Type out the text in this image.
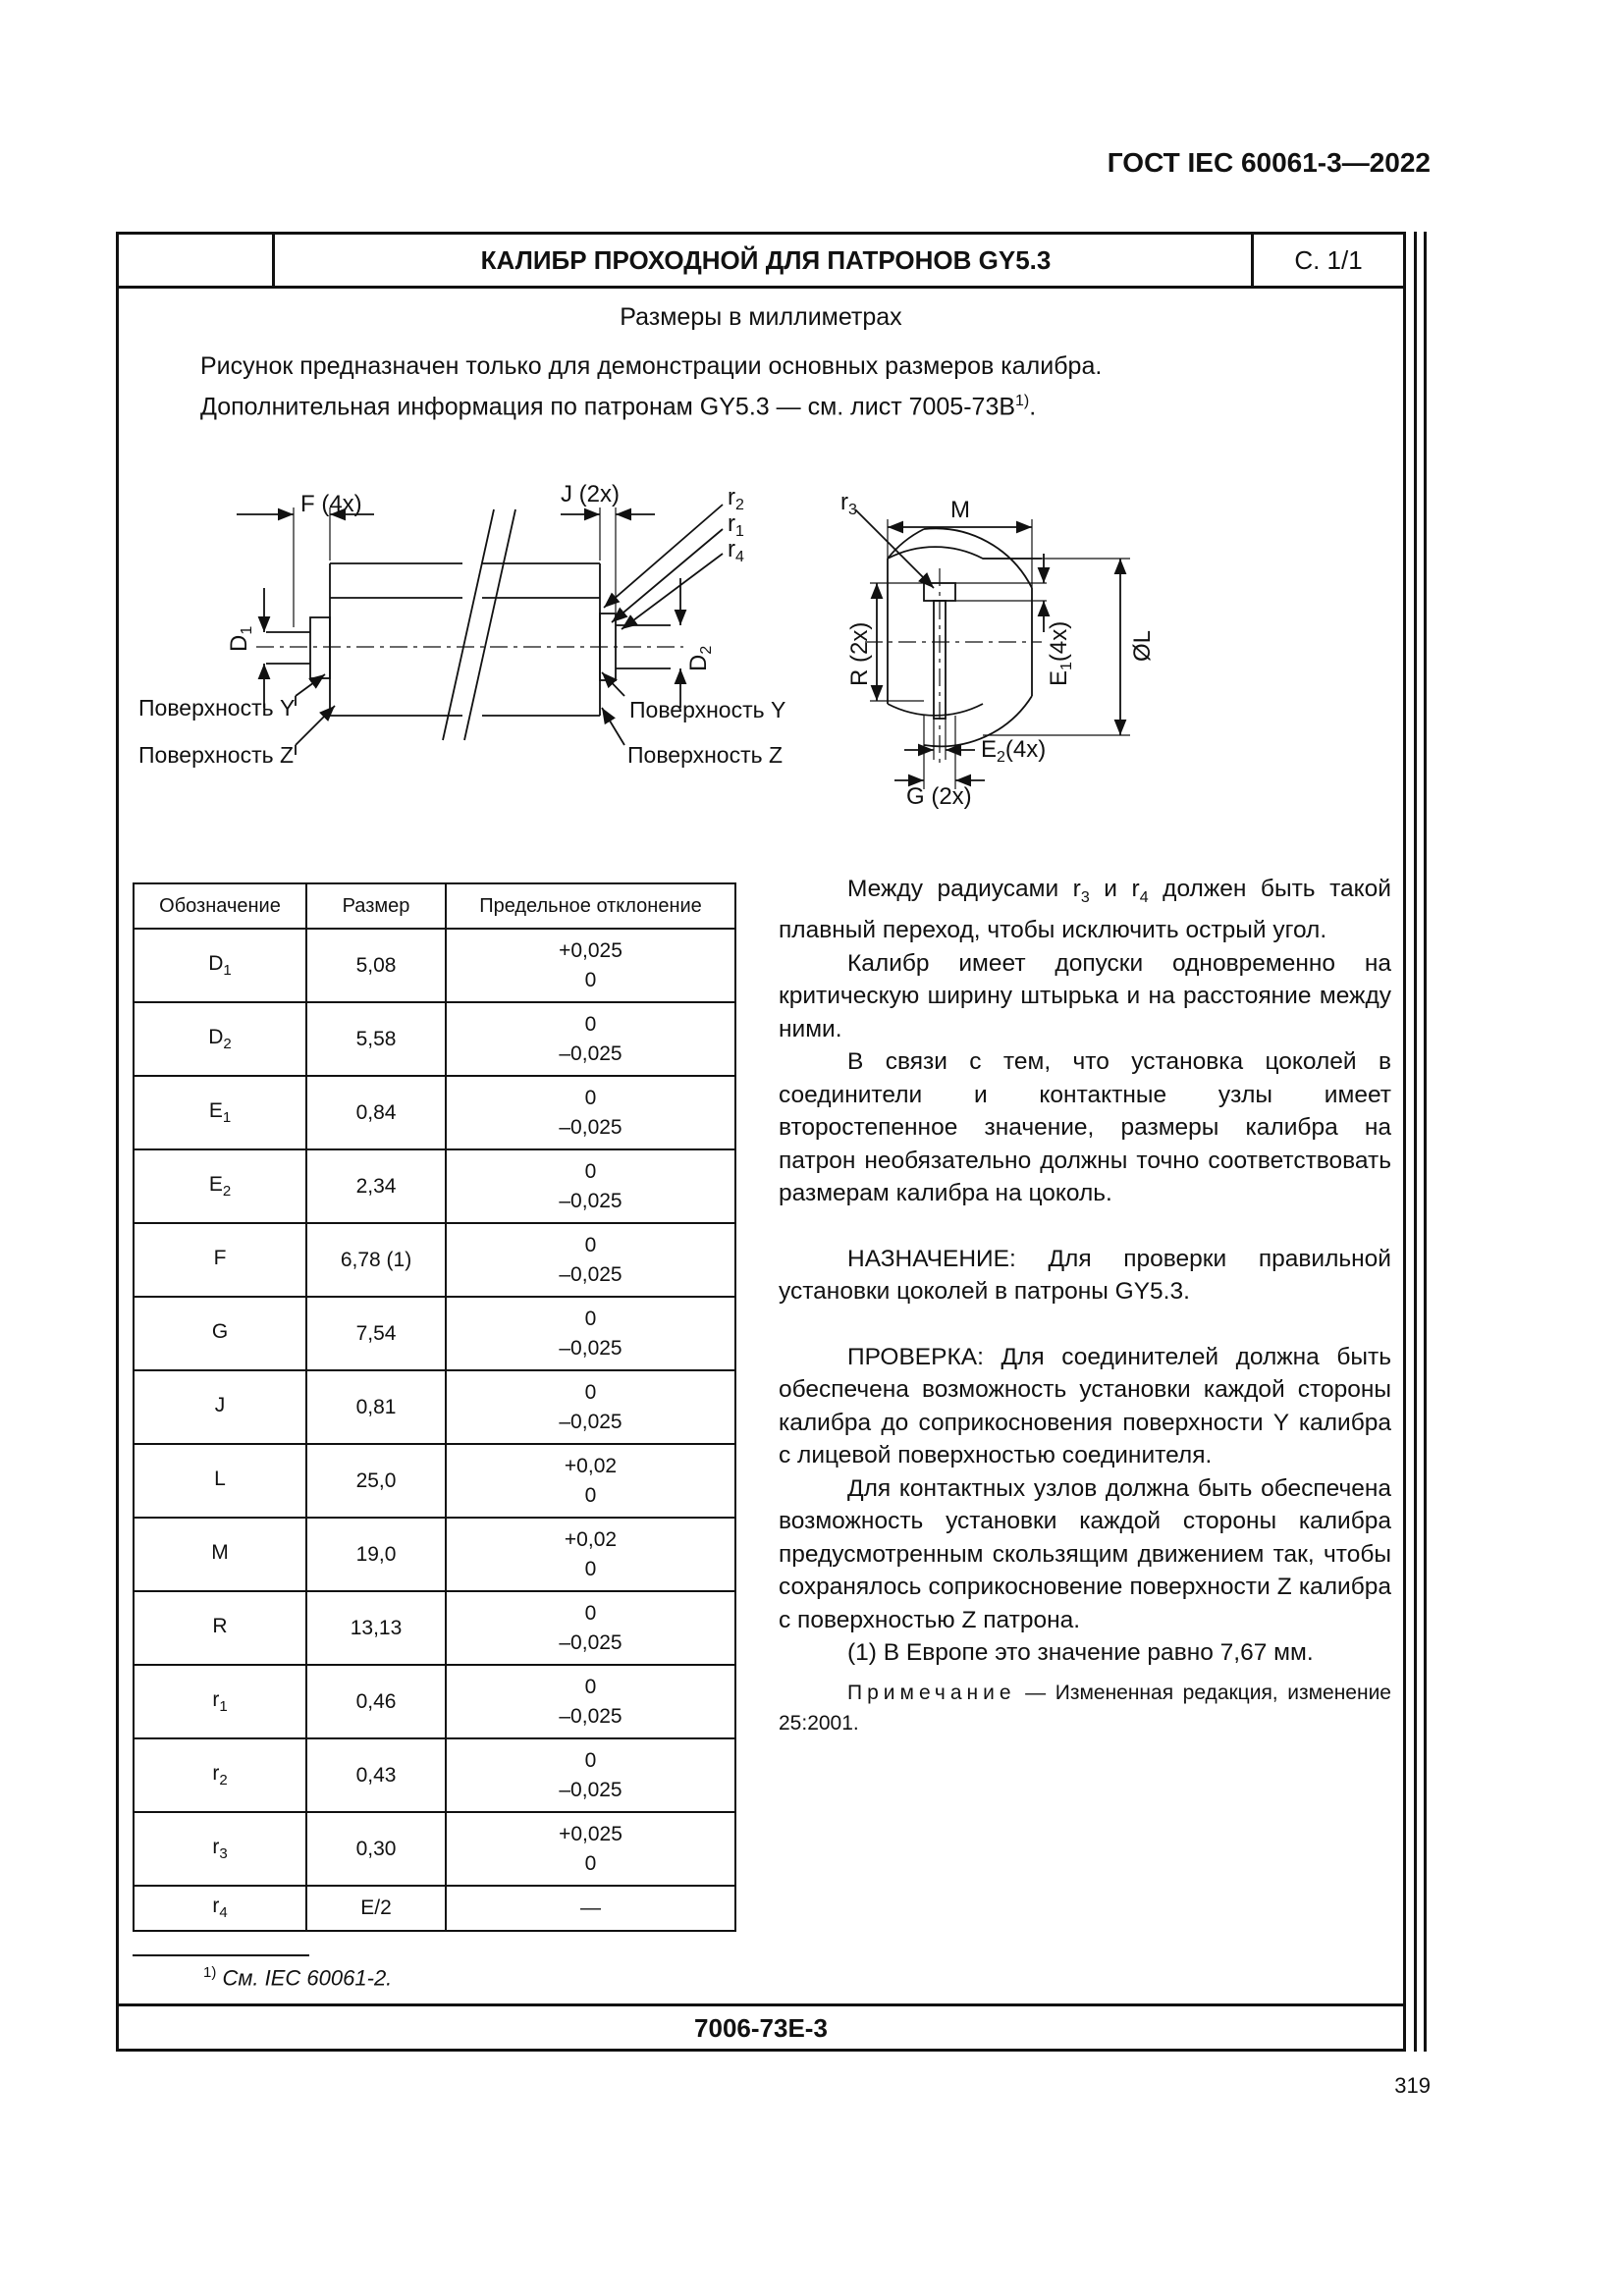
ГОСТ IEC 60061-3—2022
КАЛИБР ПРОХОДНОЙ ДЛЯ ПАТРОНОВ GY5.3	С. 1/1
Размеры в миллиметрах
Рисунок предназначен только для демонстрации основных размеров калибра.
Дополнительная информация по патронам GY5.3 — см. лист $7005-73В^{1)}$.
F (4x)	J (2x)	$r_2$
$r_1$
$r_4$
$D_1$
$D_2$
Поверхность Y
Поверхность Z
Поверхность Y
Поверхность Z
M
$r_3$
R (2x)	$E_1(4x)$ ØL
$E_2(4x)$
G (2x)
Обозначение	Размер	Предельное отклонение
$D_1$	5,08	+0,025
0

$D_2$	5,58	0
–0,025

$E_1$	0,84	0
–0,025

$E_2$	2,34	0
–0,025

F	6,78 (1)	0
–0,025

G	7,54	0
–0,025

J	0,81	0
–0,025

L	25,0	+0,02
0

M	19,0	+0,02
0

R	13,13	0
–0,025

$r_1$	0,46	0
–0,025

$r_2$	0,43	0
–0,025

$r_3$	0,30	+0,025
0

$r_4$	E/2	—

Между радиусами $r_3$ и $r_4$ должен быть такой плавный переход, чтобы исключить острый угол.

Калибр имеет допуски одновременно на критическую ширину штырька и на расстояние между ними.

В связи с тем, что установка цоколей в соединители и контактные узлы имеет второстепенное значение, размеры калибра на патрон необязательно должны точно соответствовать размерам калибра на цоколь.

НАЗНАЧЕНИЕ: Для проверки правильной установки цоколей в патроны GY5.3.

ПРОВЕРКА: Для соединителей должна быть обеспечена возможность установки каждой стороны калибра до соприкосновения поверхности Y калибра с лицевой поверхностью соединителя.

Для контактных узлов должна быть обеспечена возможность установки каждой стороны калибра предусмотренным скользящим движением так, чтобы сохранялось соприкосновение поверхности Z калибра с поверхностью Z патрона.

(1) В Европе это значение равно 7,67 мм.

Примечание — Измененная редакция, изменение 25:2001.

$^{1)}$ См. IEC 60061-2.
7006-73E-3
319
